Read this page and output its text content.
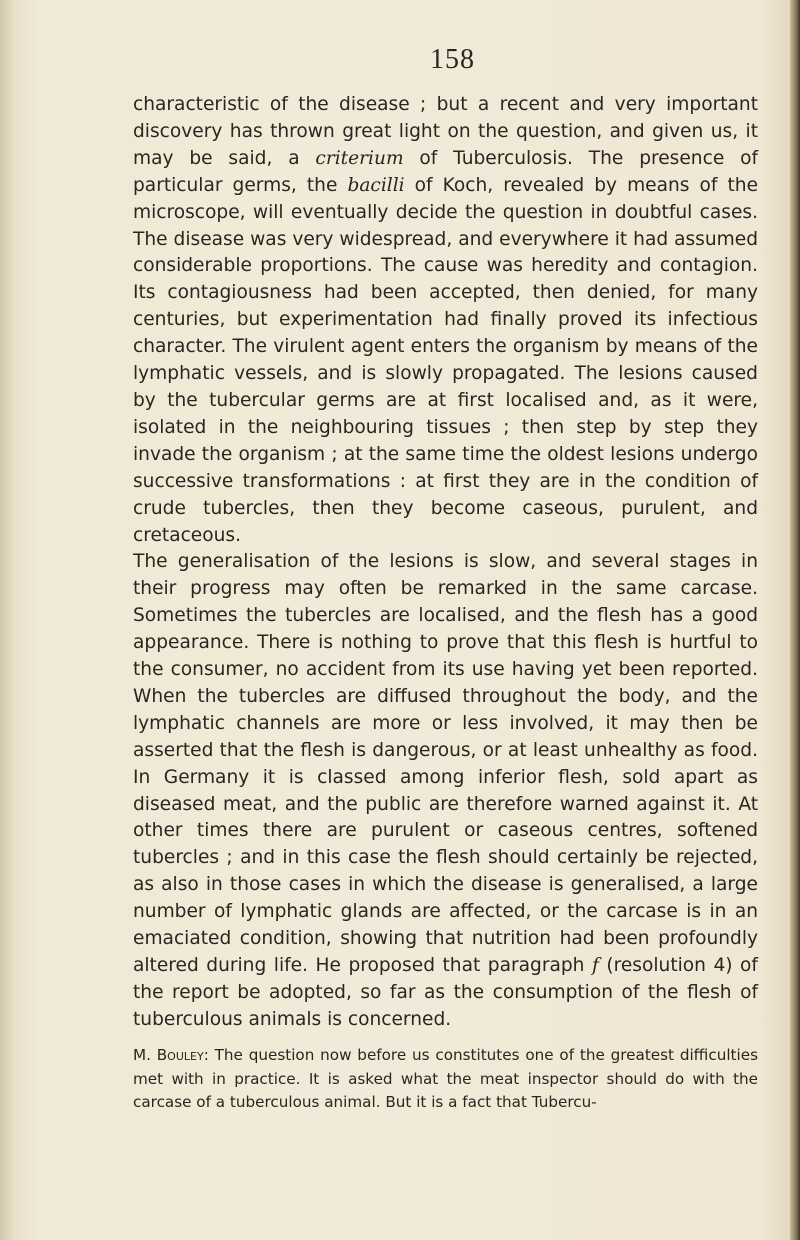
158

characteristic of the disease ; but a recent and very important discovery has thrown great light on the question, and given us, it may be said, a criterium of Tuberculosis. The presence of particular germs, the bacilli of Koch, revealed by means of the microscope, will eventually decide the question in doubtful cases. The disease was very widespread, and everywhere it had assumed considerable proportions. The cause was heredity and contagion. Its contagiousness had been accepted, then denied, for many centuries, but experimentation had finally proved its infectious character. The virulent agent enters the organism by means of the lymphatic vessels, and is slowly propagated. The lesions caused by the tubercular germs are at first localised and, as it were, isolated in the neighbouring tissues ; then step by step they invade the organism ; at the same time the oldest lesions undergo successive transformations : at first they are in the condition of crude tubercles, then they become caseous, purulent, and cretaceous.

The generalisation of the lesions is slow, and several stages in their progress may often be remarked in the same carcase. Sometimes the tubercles are localised, and the flesh has a good appearance. There is nothing to prove that this flesh is hurtful to the consumer, no accident from its use having yet been reported. When the tubercles are diffused throughout the body, and the lymphatic channels are more or less involved, it may then be asserted that the flesh is dangerous, or at least unhealthy as food. In Germany it is classed among inferior flesh, sold apart as diseased meat, and the public are therefore warned against it. At other times there are purulent or caseous centres, softened tubercles ; and in this case the flesh should certainly be rejected, as also in those cases in which the disease is generalised, a large number of lymphatic glands are affected, or the carcase is in an emaciated condition, showing that nutrition had been profoundly altered during life. He proposed that paragraph f (resolution 4) of the report be adopted, so far as the consumption of the flesh of tuberculous animals is concerned.

M. Bouley: The question now before us constitutes one of the greatest difficulties met with in practice. It is asked what the meat inspector should do with the carcase of a tuberculous animal. But it is a fact that Tubercu-
